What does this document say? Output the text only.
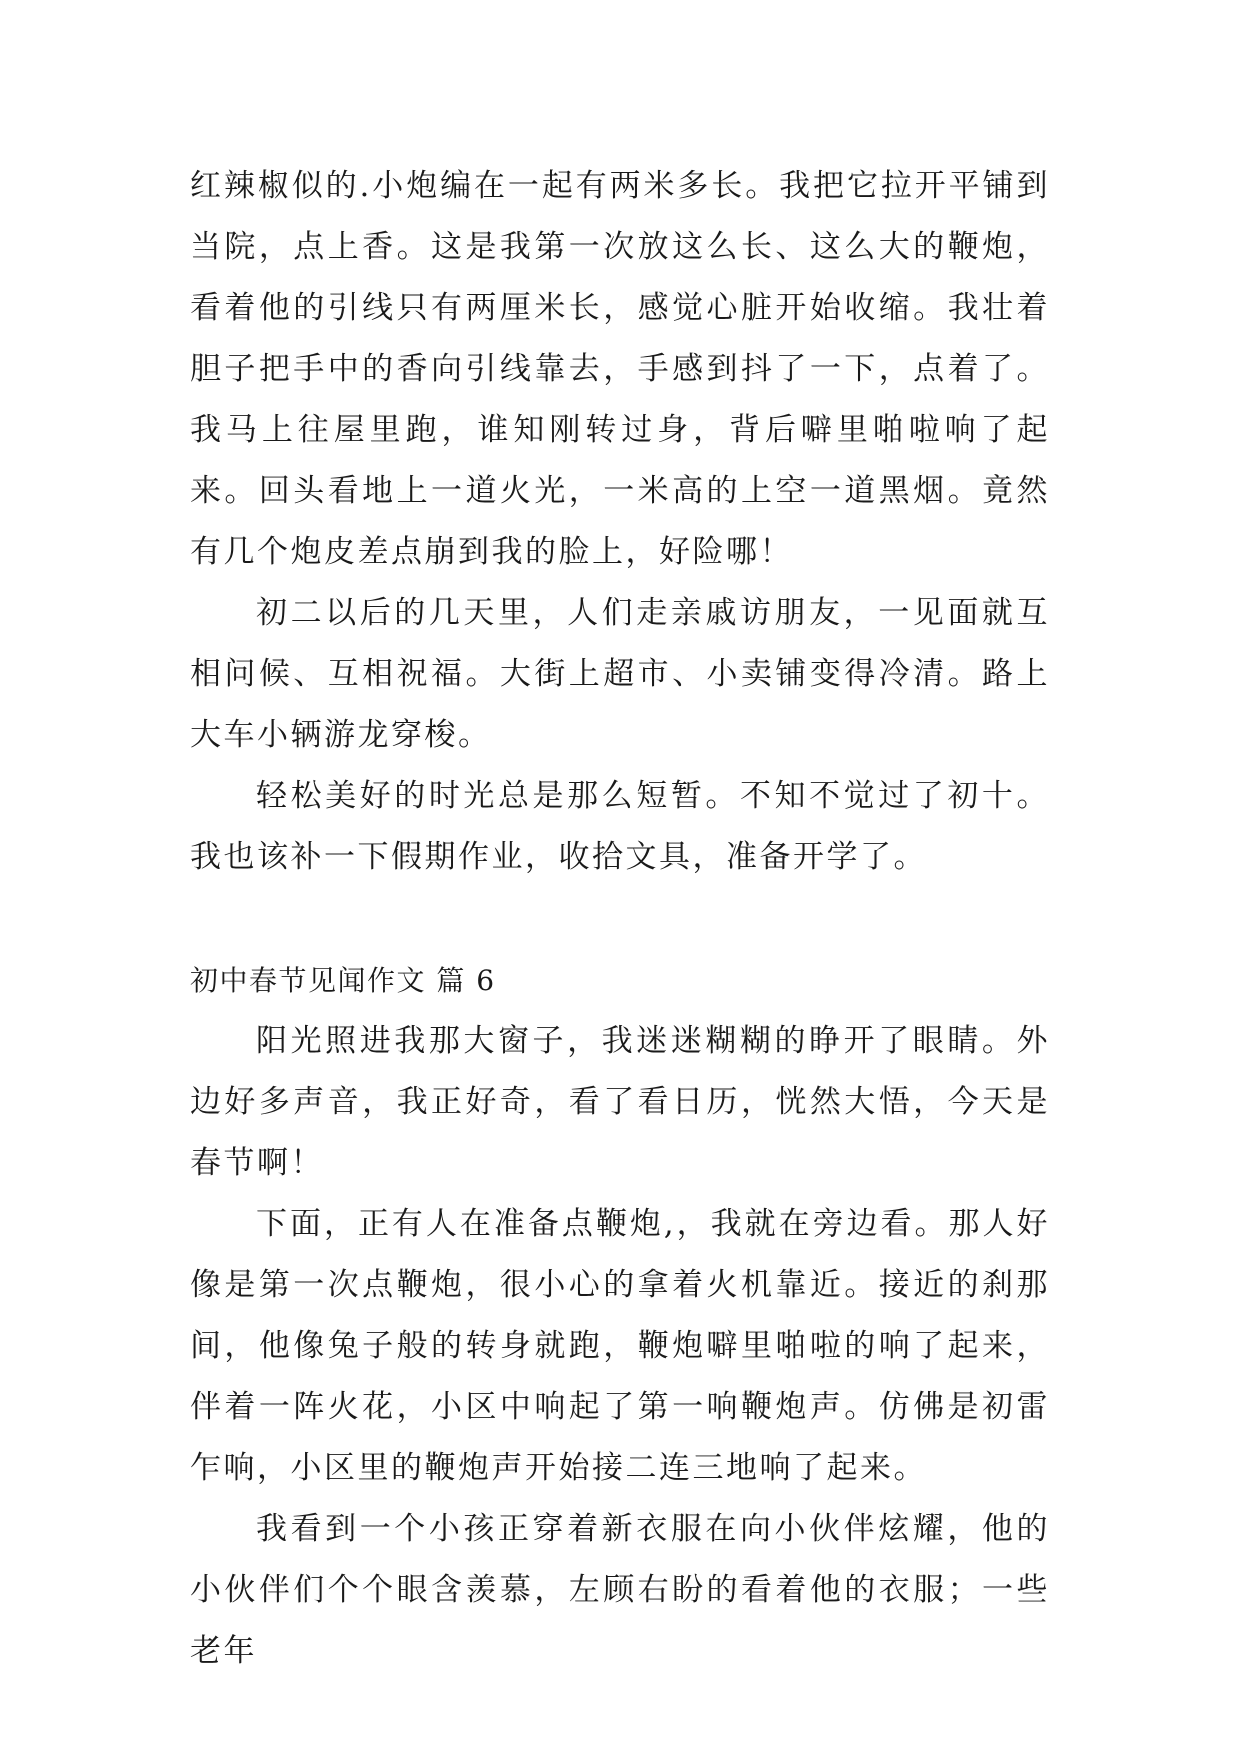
红辣椒似的.小炮编在一起有两米多长。我把它拉开平铺到当院，点上香。这是我第一次放这么长、这么大的鞭炮，看着他的引线只有两厘米长，感觉心脏开始收缩。我壮着胆子把手中的香向引线靠去，手感到抖了一下，点着了。我马上往屋里跑，谁知刚转过身，背后噼里啪啦响了起来。回头看地上一道火光，一米高的上空一道黑烟。竟然有几个炮皮差点崩到我的脸上，好险哪！

初二以后的几天里，人们走亲戚访朋友，一见面就互相问候、互相祝福。大街上超市、小卖铺变得冷清。路上大车小辆游龙穿梭。

轻松美好的时光总是那么短暂。不知不觉过了初十。我也该补一下假期作业，收拾文具，准备开学了。

初中春节见闻作文 篇 6

阳光照进我那大窗子，我迷迷糊糊的睁开了眼睛。外边好多声音，我正好奇，看了看日历，恍然大悟，今天是春节啊！

下面，正有人在准备点鞭炮,，我就在旁边看。那人好像是第一次点鞭炮，很小心的拿着火机靠近。接近的刹那间，他像兔子般的转身就跑，鞭炮噼里啪啦的响了起来，伴着一阵火花，小区中响起了第一响鞭炮声。仿佛是初雷乍响，小区里的鞭炮声开始接二连三地响了起来。

我看到一个小孩正穿着新衣服在向小伙伴炫耀，他的小伙伴们个个眼含羡慕，左顾右盼的看着他的衣服；一些老年
